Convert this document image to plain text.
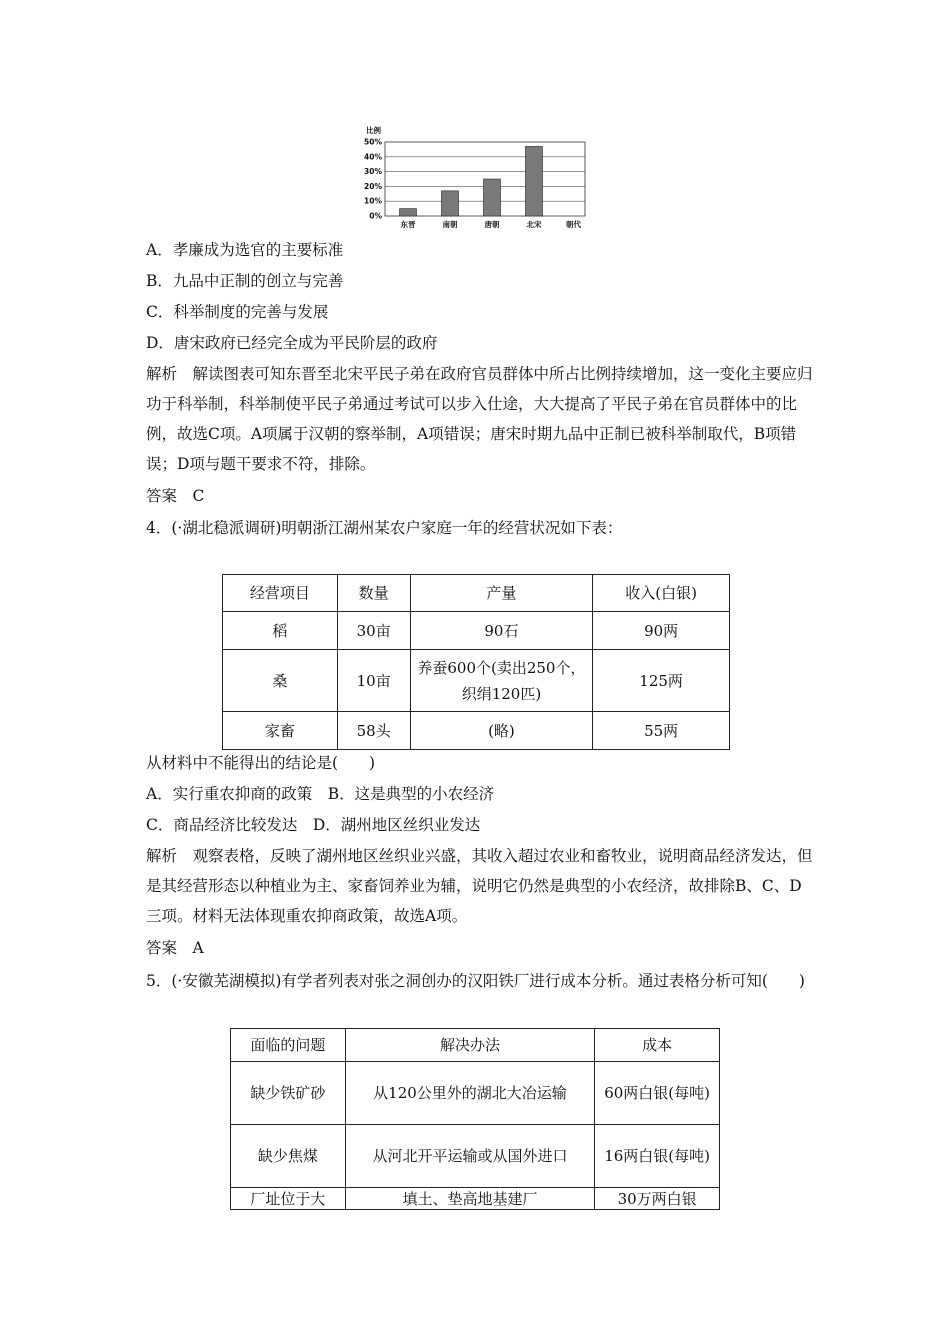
比例
0%
10%
20%
30%
40%
50%
东晋	南朝	唐朝	北宋	朝代
A．孝廉成为选官的主要标准
B．九品中正制的创立与完善
C．科举制度的完善与发展
D．唐宋政府已经完全成为平民阶层的政府
解析　解读图表可知东晋至北宋平民子弟在政府官员群体中所占比例持续增加，这一变化主要应归功于科举制，科举制使平民子弟通过考试可以步入仕途，大大提高了平民子弟在官员群体中的比例，故选C项。A项属于汉朝的察举制，A项错误；唐宋时期九品中正制已被科举制取代，B项错误；D项与题干要求不符，排除。
答案　C
4．(·湖北稳派调研)明朝浙江湖州某农户家庭一年的经营状况如下表：
经营项目	数量	产量	收入(白银)
稻	30亩	90石	90两
桑	10亩	养蚕600个(卖出250个，织绢120匹)	125两
家畜	58头	(略)	55两
从材料中不能得出的结论是(　　)
A．实行重农抑商的政策　B．这是典型的小农经济
C．商品经济比较发达　D．湖州地区丝织业发达
解析　观察表格，反映了湖州地区丝织业兴盛，其收入超过农业和畜牧业，说明商品经济发达，但是其经营形态以种植业为主、家畜饲养业为辅，说明它仍然是典型的小农经济，故排除B、C、D三项。材料无法体现重农抑商政策，故选A项。
答案　A
5．(·安徽芜湖模拟)有学者列表对张之洞创办的汉阳铁厂进行成本分析。通过表格分析可知(　　)
面临的问题	解决办法	成本
缺少铁矿砂	从120公里外的湖北大冶运输	60两白银(每吨)
缺少焦煤	从河北开平运输或从国外进口	16两白银(每吨)
厂址位于大	填土、垫高地基建厂	30万两白银
